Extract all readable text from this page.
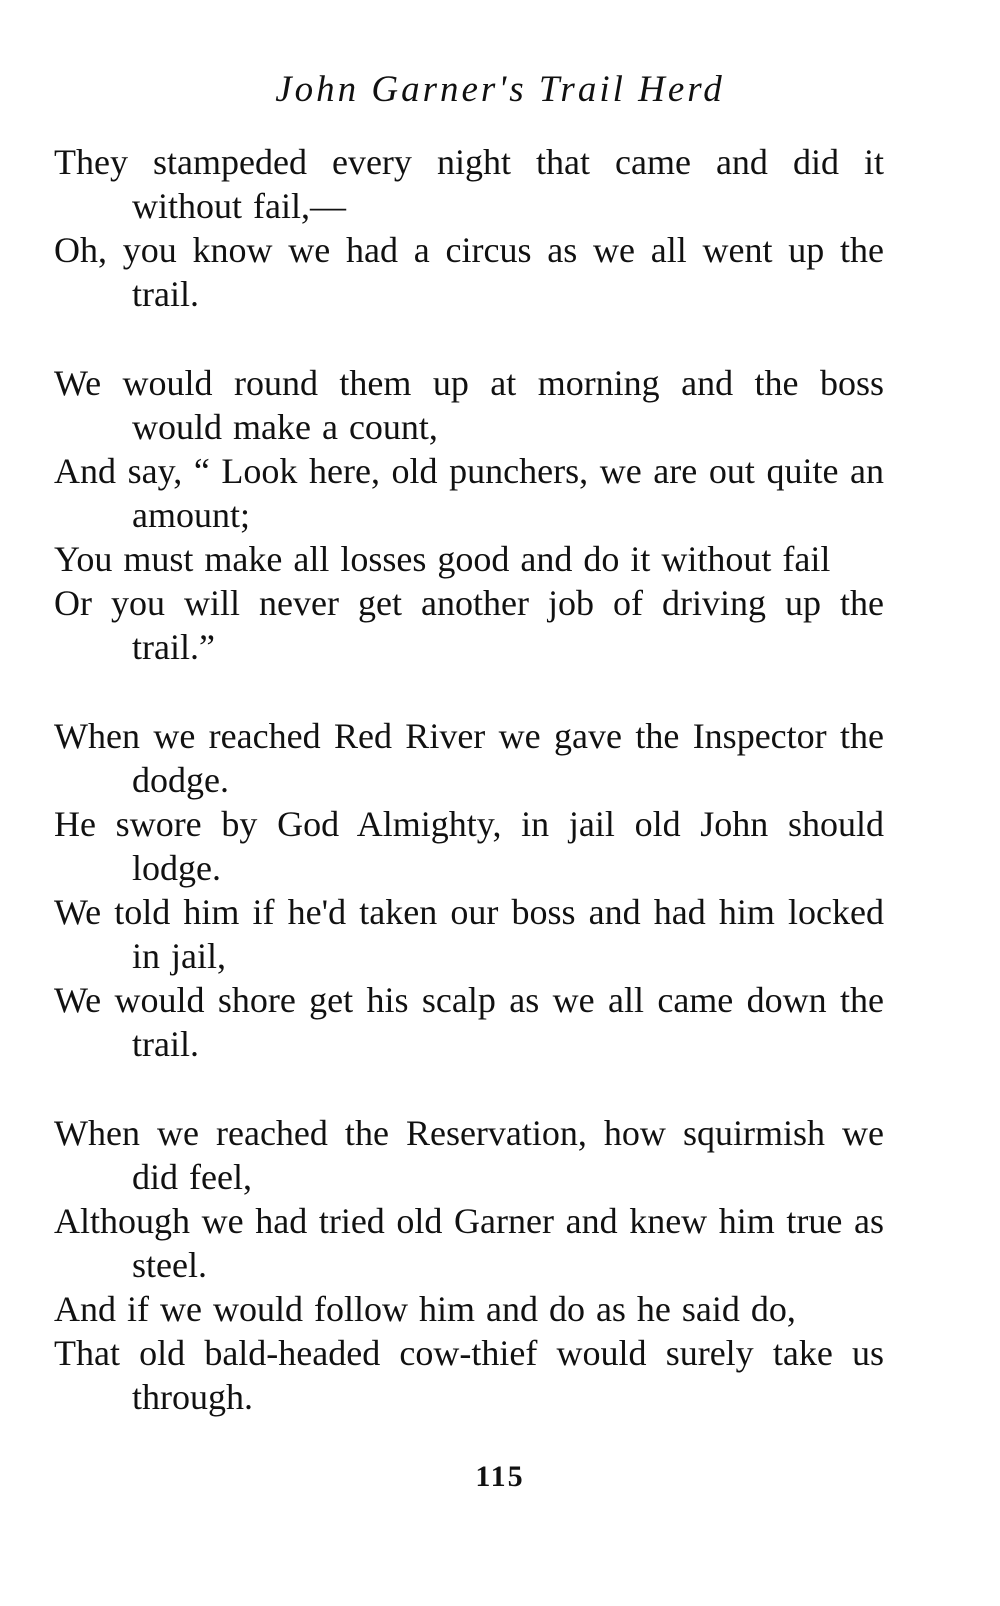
John Garner's Trail Herd

They stampeded every night that came and did it without fail,—

Oh, you know we had a circus as we all went up the trail.

We would round them up at morning and the boss would make a count,

And say, “ Look here, old punchers, we are out quite an amount;

You must make all losses good and do it without fail

Or you will never get another job of driving up the trail.”

When we reached Red River we gave the Inspector the dodge.

He swore by God Almighty, in jail old John should lodge.

We told him if he'd taken our boss and had him locked in jail,

We would shore get his scalp as we all came down the trail.

When we reached the Reservation, how squirmish we did feel,

Although we had tried old Garner and knew him true as steel.

And if we would follow him and do as he said do,

That old bald-headed cow-thief would surely take us through.

115
